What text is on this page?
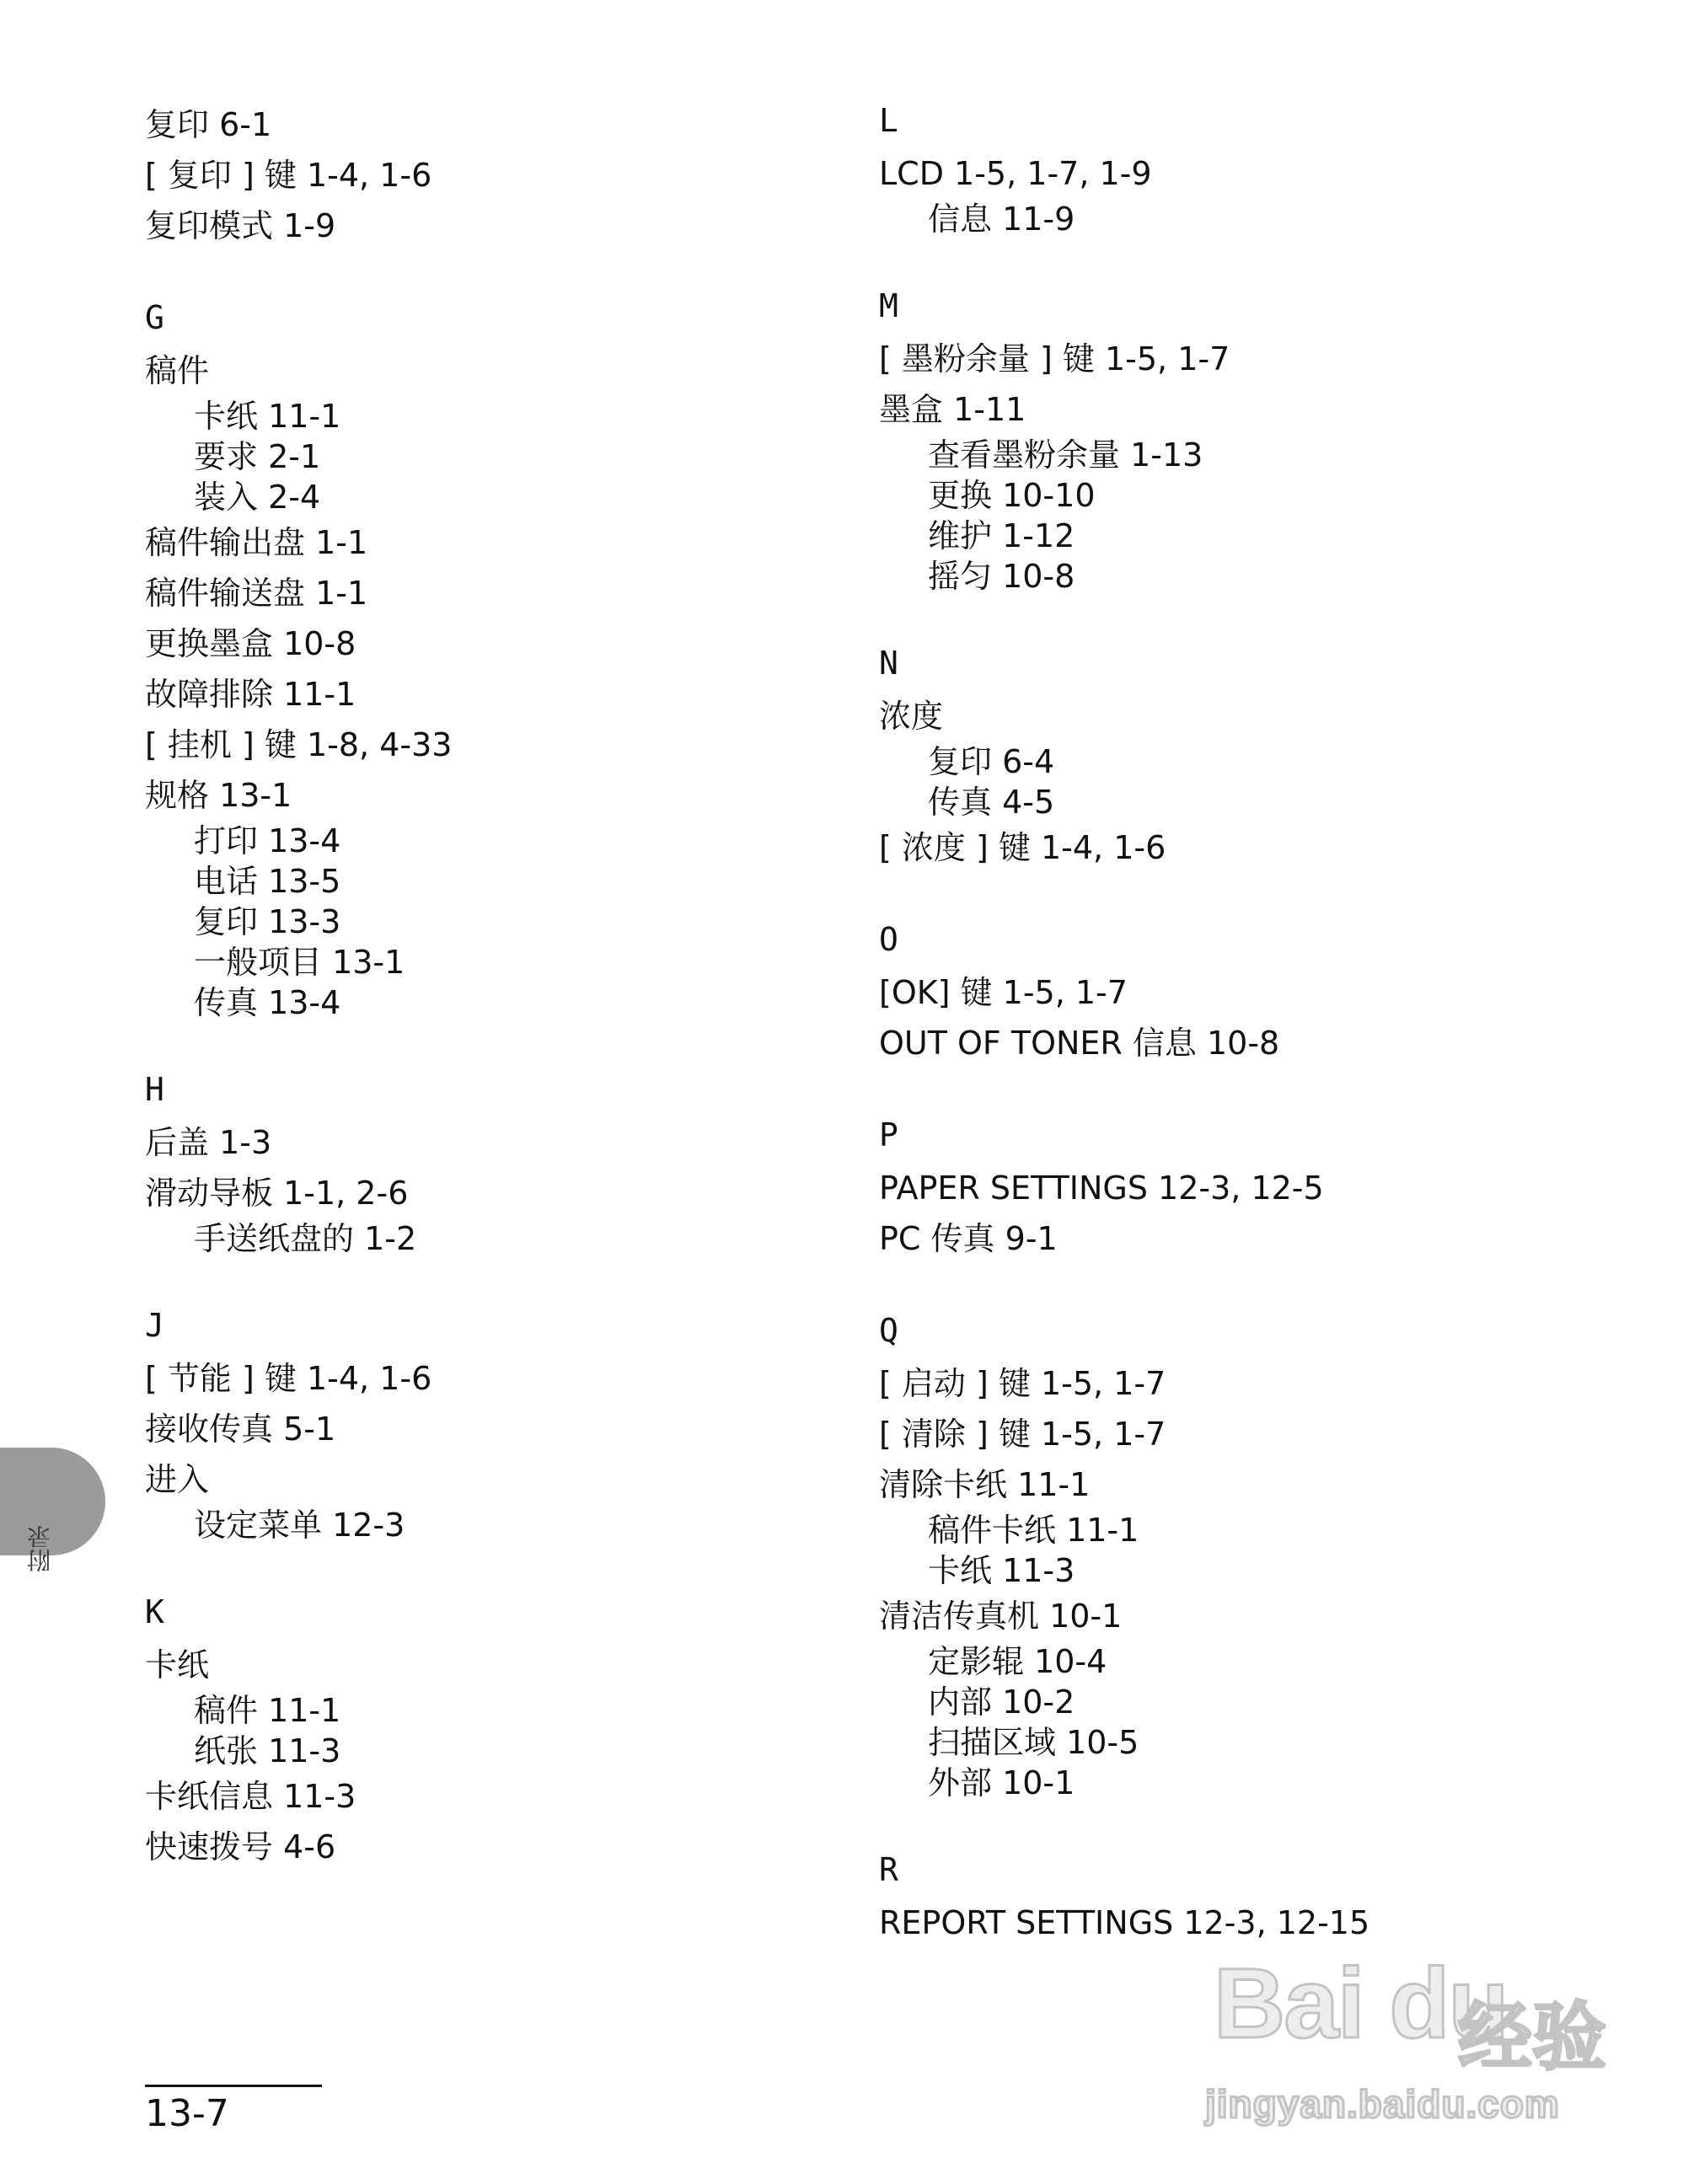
复印 6-1
[ 复印 ] 键 1-4, 1-6
复印模式 1-9
G
稿件
卡纸 11-1
要求 2-1
装入 2-4
稿件输出盘 1-1
稿件输送盘 1-1
更换墨盒 10-8
故障排除 11-1
[ 挂机 ] 键 1-8, 4-33
规格 13-1
打印 13-4
电话 13-5
复印 13-3
一般项目 13-1
传真 13-4
H
后盖 1-3
滑动导板 1-1, 2-6
手送纸盘的 1-2
J
[ 节能 ] 键 1-4, 1-6
接收传真 5-1
进入
设定菜单 12-3
K
卡纸
稿件 11-1
纸张 11-3
卡纸信息 11-3
快速拨号 4-6
L
LCD 1-5, 1-7, 1-9
信息 11-9
M
[ 墨粉余量 ] 键 1-5, 1-7
墨盒 1-11
查看墨粉余量 1-13
更换 10-10
维护 1-12
摇匀 10-8
N
浓度
复印 6-4
传真 4-5
[ 浓度 ] 键 1-4, 1-6
O
[OK] 键 1-5, 1-7
OUT OF TONER 信息 10-8
P
PAPER SETTINGS 12-3, 12-5
PC 传真 9-1
Q
[ 启动 ] 键 1-5, 1-7
[ 清除 ] 键 1-5, 1-7
清除卡纸 11-1
稿件卡纸 11-1
卡纸 11-3
清洁传真机 10-1
定影辊 10-4
内部 10-2
扫描区域 10-5
外部 10-1
R
REPORT SETTINGS 12-3, 12-15
附录
13-7
Bai du
经验
jingyan.baidu.com
